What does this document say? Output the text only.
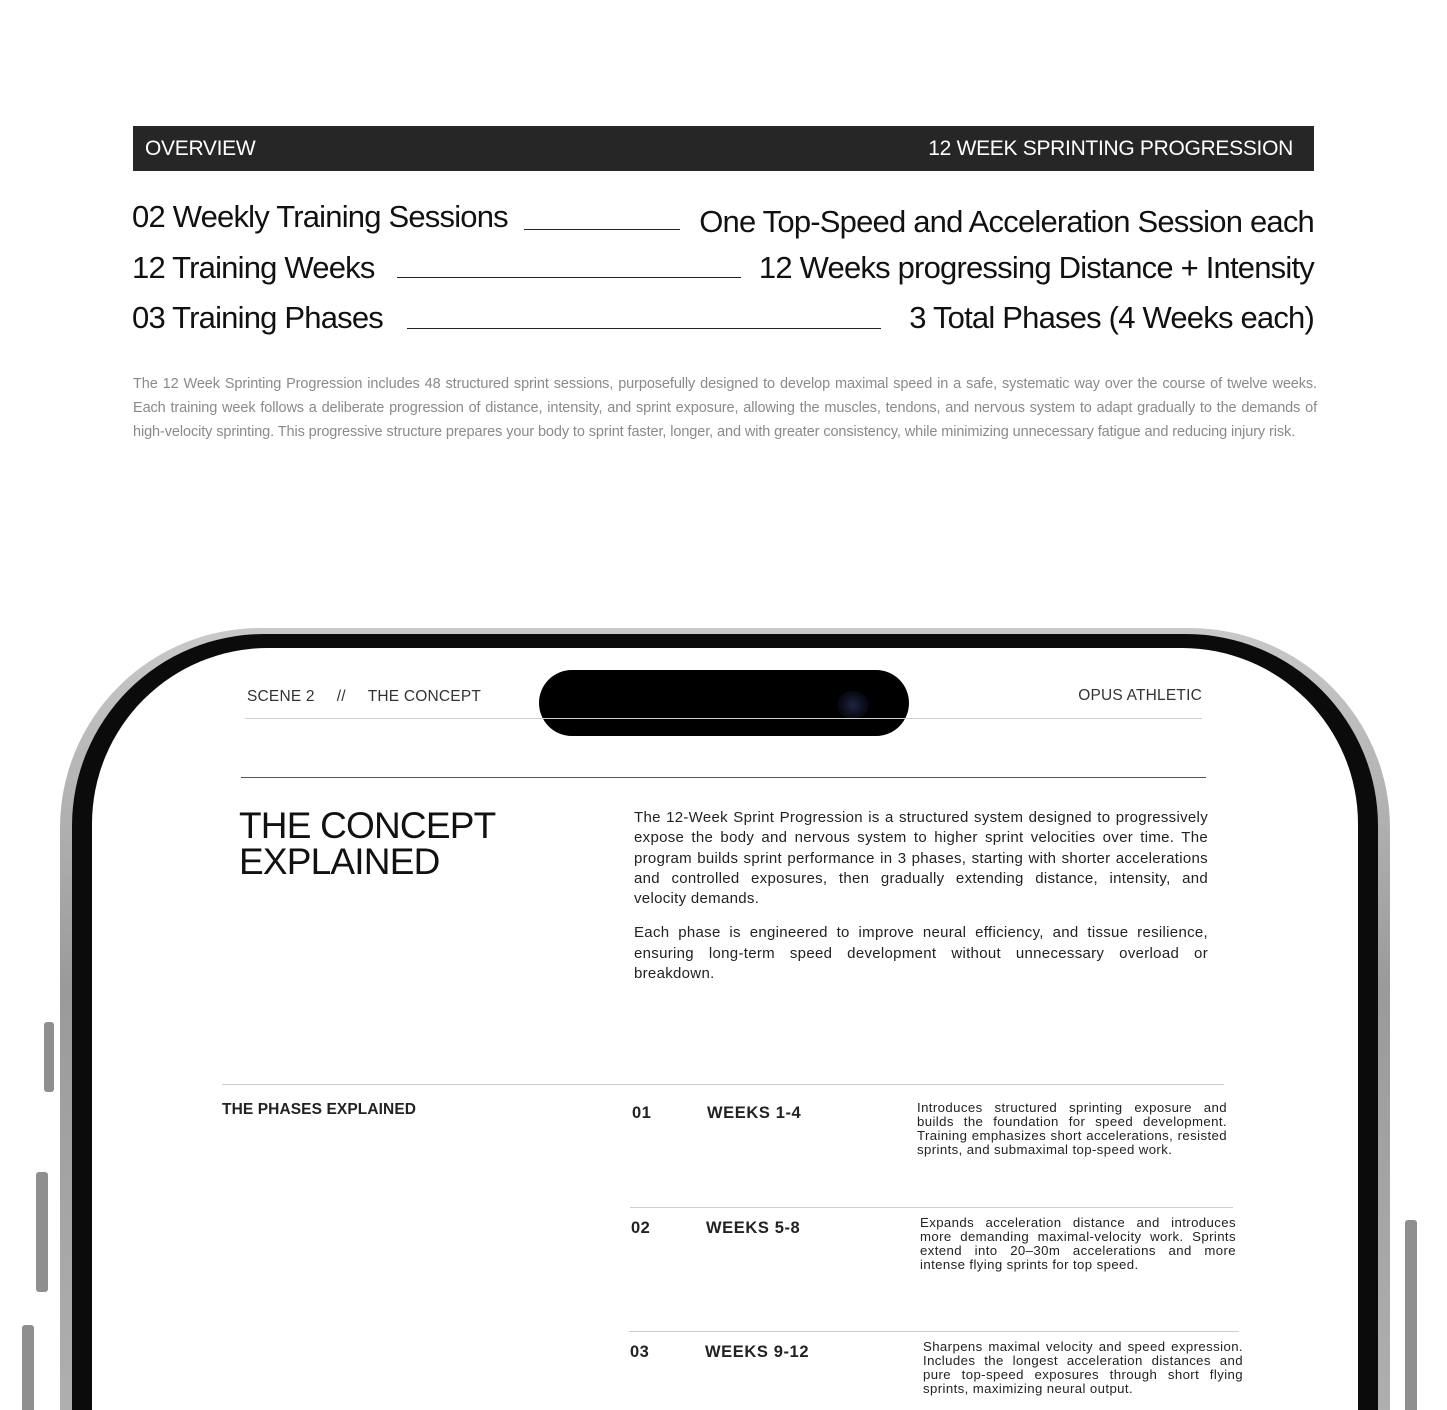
OVERVIEW	12 WEEK SPRINTING PROGRESSION
02 Weekly Training Sessions	One Top-Speed and Acceleration Session each
12 Training Weeks	12 Weeks progressing Distance + Intensity
03 Training Phases	3 Total Phases (4 Weeks each)

The 12 Week Sprinting Progression includes 48 structured sprint sessions, purposefully designed to develop maximal speed in a safe, systematic way over the course of twelve weeks. Each training week follows a deliberate progression of distance, intensity, and sprint exposure, allowing the muscles, tendons, and nervous system to adapt gradually to the demands of high-velocity sprinting. This progressive structure prepares your body to sprint faster, longer, and with greater consistency, while minimizing unnecessary fatigue and reducing injury risk.

SCENE 2 // THE CONCEPT	OPUS ATHLETIC
THE CONCEPT
EXPLAINED

The 12-Week Sprint Progression is a structured system designed to progressively expose the body and nervous system to higher sprint velocities over time. The program builds sprint performance in 3 phases, starting with shorter accelerations and controlled exposures, then gradually extending distance, intensity, and velocity demands.

Each phase is engineered to improve neural efficiency, and tissue resilience, ensuring long-term speed development without unnecessary overload or breakdown.

THE PHASES EXPLAINED	01	WEEKS 1-4	Introduces structured sprinting exposure and builds the foundation for speed development. Training emphasizes short accelerations, resisted sprints, and submaximal top-speed work.
02	WEEKS 5-8	Expands acceleration distance and introduces more demanding maximal-velocity work. Sprints extend into 20–30m accelerations and more intense flying sprints for top speed.
03	WEEKS 9-12	Sharpens maximal velocity and speed expression. Includes the longest acceleration distances and pure top-speed exposures through short flying sprints, maximizing neural output.
